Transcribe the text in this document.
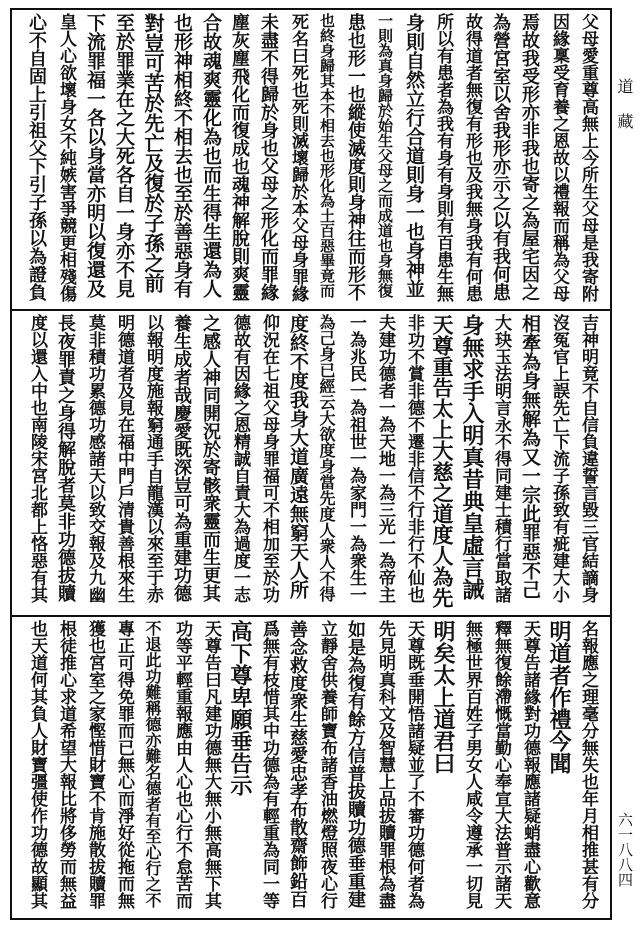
父母愛重尊高無上今所生父母是我寄附
因緣稟受育養之恩故以禮報而稱為父母
焉故我受形亦非我也寄之為屋宅因之
為營宮室以舍我形亦示之以有我何患
故得道者無復有形也及我無身我有何患
所以有患者為我有身有身則有百患生無
身則自然立行合道則身一也身神並
一則為真身歸於始生父母之而成道也身無復
患也形一也縱使滅度則身神往而形不
也終身歸其本不相去也形化為土百惡畢竟而
死名曰死也死則滅壞歸於本父母身罪緣
未盡不得歸於身也父母之形化而罪緣
塵灰塵飛化而復成也魂神解脫則爽靈
合故魂爽靈化為也而生得生還為人
也形神相終不相去也至於善惡身有
對豈可苦於先亡及復於子孫之前
至於罪業在之大死各自一身亦不見
下流罪福一各以身當亦明以復還及
皇人心欲壞身女不純嫉害爭競更相殘傷
心不自固上引祖父下引子孫以為證負
吉神明竟不自信負違誓言毀三官結謫身
沒冤官上誤先亡下流子孫致有疵建大小
相牽為身無解為又一宗此罪惡不己
大玦玉法明言永不得同建士積行當取諸
身無求手入明真昔典皇虛言誡
天尊重告太上大慈之道度人為先
非功不賞非德不遷非信不行非行不仙也
夫建功德者一為天地一為三光一為帝主
一為兆民一為祖世一為家門一為衆生一
為己身已經云大欲度身當先度人衆人不得
度終不度我身大道廣遠無窮天人所
仰況在七祖父母身罪福可不相加至於功
德故有因緣之恩精誠自責大為過度一志
之感人神同開況於寄骸衆靈而生更其
養生成者哉慶愛既深豈可為重建功德
以報明度施報窮通手自龍漢以來至于赤
明德道者及見在福中門戶清貴善根來生
莫非積功累德功感諸天以致交報及九幽
長夜罪責之身得解脫者莫非功德拔贖
度以還入中也南陵宋宮北都上恪惡有其
名報應之理毫分無失也年月相推甚有分
明道者作禮今聞
天尊告諸緣對功德報應諸疑蛸盡心歡意
釋無復餘滯慨當勤心奉宣大法普示諸天
無極世界百姓子男女人咸令遵承一切見
明矣太上道君曰
天尊既垂開悟諸疑並了不審功德何者為
先見明真科文及智慧上品拔贖罪根為盡
如是為復有餘方信普拔贖功德垂重建
立靜舍供養師寶布諸香油燃燈照夜心行
善念救度衆生慈愛忠孝布散齋飾鉛百
爲無有枝惜其中功德為有輕重為同一等
高下尊卑願垂告示
天尊告曰凡建功德無大無小無高無下其
功等平輕重報應由人心也心行不怠苦而
不退此功難稱德亦難名德者有至心行之不
專正可得免罪而已無心而淨好從拖而無
獲也宮室之家慳惜財寶不肯施散拔贖罪
根徒推心求道希望大報比將侈勞而無益
也天道何其負人財寶彊使作功德故顯其
道 藏
六一八八四
